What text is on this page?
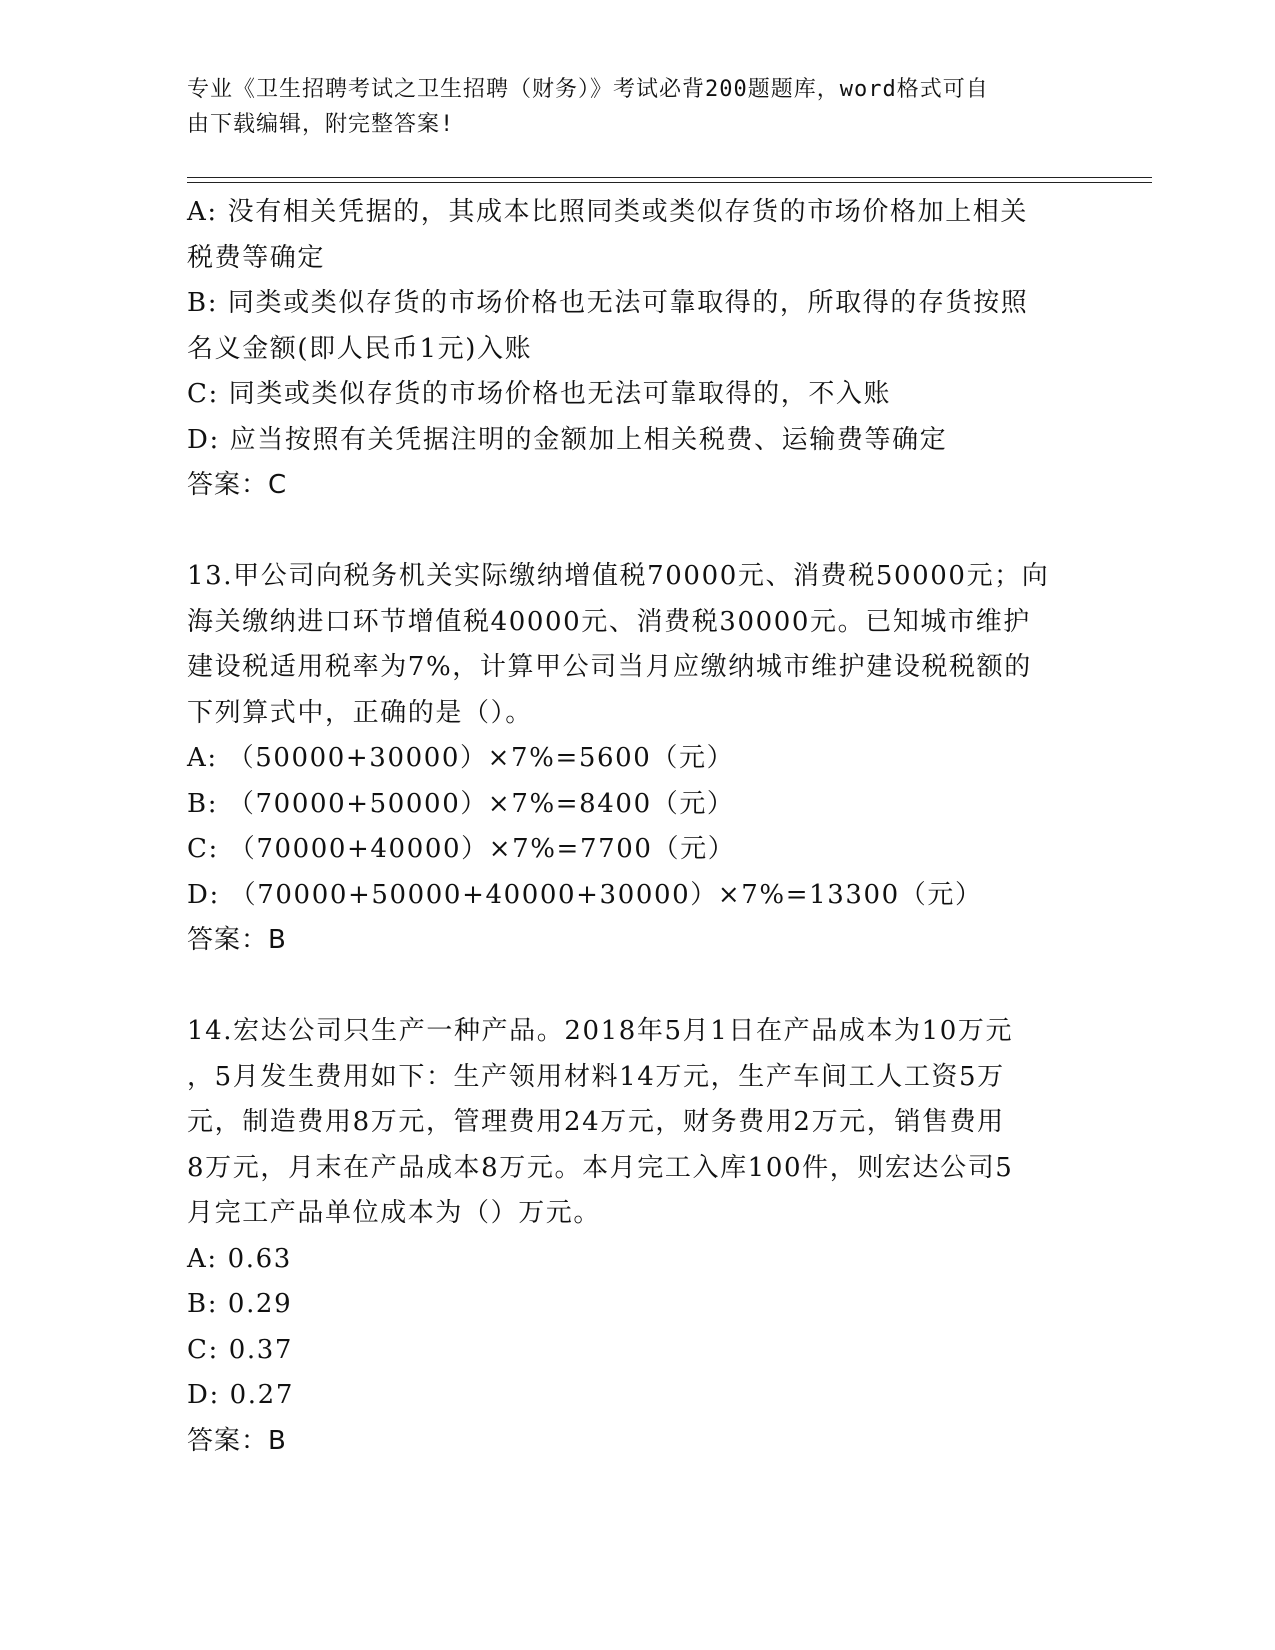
专业《卫生招聘考试之卫生招聘（财务）》考试必背200题题库，word格式可自
由下载编辑，附完整答案!

A: 没有相关凭据的，其成本比照同类或类似存货的市场价格加上相关

税费等确定

B: 同类或类似存货的市场价格也无法可靠取得的，所取得的存货按照

名义金额(即人民币1元)入账

C: 同类或类似存货的市场价格也无法可靠取得的，不入账

D: 应当按照有关凭据注明的金额加上相关税费、运输费等确定

答案：C

13.甲公司向税务机关实际缴纳增值税70000元、消费税50000元；向

海关缴纳进口环节增值税40000元、消费税30000元。已知城市维护

建设税适用税率为7%，计算甲公司当月应缴纳城市维护建设税税额的

下列算式中，正确的是（）。

A: （50000+30000）×7%=5600（元）

B: （70000+50000）×7%=8400（元）

C: （70000+40000）×7%=7700（元）

D: （70000+50000+40000+30000）×7%=13300（元）

答案：B

14.宏达公司只生产一种产品。2018年5月1日在产品成本为10万元

，5月发生费用如下：生产领用材料14万元，生产车间工人工资5万

元，制造费用8万元，管理费用24万元，财务费用2万元，销售费用

8万元，月末在产品成本8万元。本月完工入库100件，则宏达公司5

月完工产品单位成本为（）万元。

A: 0.63

B: 0.29

C: 0.37

D: 0.27

答案：B
